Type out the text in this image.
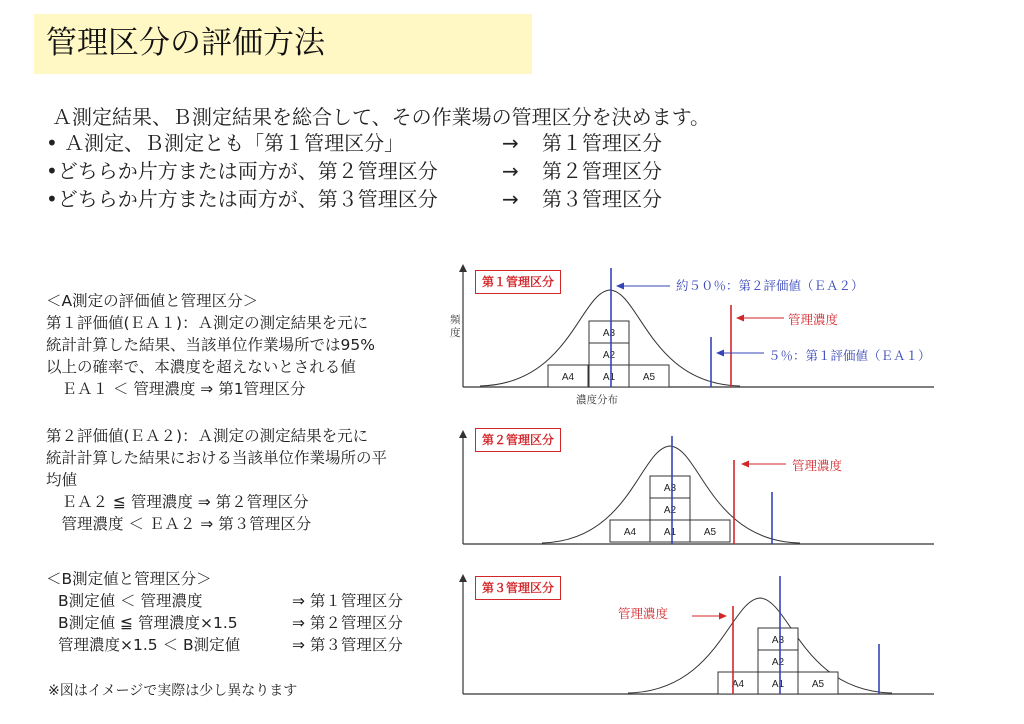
管理区分の評価方法
Ａ測定結果、Ｂ測定結果を総合して、その作業場の管理区分を決めます。
• Ａ測定、Ｂ測定とも「第１管理区分」	→ 第１管理区分
•どちらか片方または両方が、第２管理区分	→ 第２管理区分
•どちらか片方または両方が、第３管理区分	→ 第３管理区分
＜A測定の評価値と管理区分＞
第１評価値(ＥＡ１)：Ａ測定の測定結果を元に
統計計算した結果、当該単位作業場所では95%
以上の確率で、本濃度を超えないとされる値
　ＥＡ１ ＜ 管理濃度 ⇒ 第1管理区分
第２評価値(ＥＡ２)：Ａ測定の測定結果を元に
統計計算した結果における当該単位作業場所の平
均値
　ＥＡ２ ≦ 管理濃度 ⇒ 第２管理区分
　管理濃度 ＜ ＥＡ２ ⇒ 第３管理区分
＜B測定値と管理区分＞
B測定値 ＜ 管理濃度	⇒ 第１管理区分
B測定値 ≦ 管理濃度×1.5	⇒ 第２管理区分
管理濃度×1.5 ＜ B測定値	⇒ 第３管理区分
※図はイメージで実際は少し異なります
A3
A2
A4	A1	A5
第１管理区分	約５０％：第２評価値（ＥＡ２）
管理濃度
５％：第１評価値（ＥＡ１）
頻度
濃度分布
A3
A2
A4	A1	A5
第２管理区分
管理濃度
A3
A2
A4	A1	A5
第３管理区分
管理濃度
